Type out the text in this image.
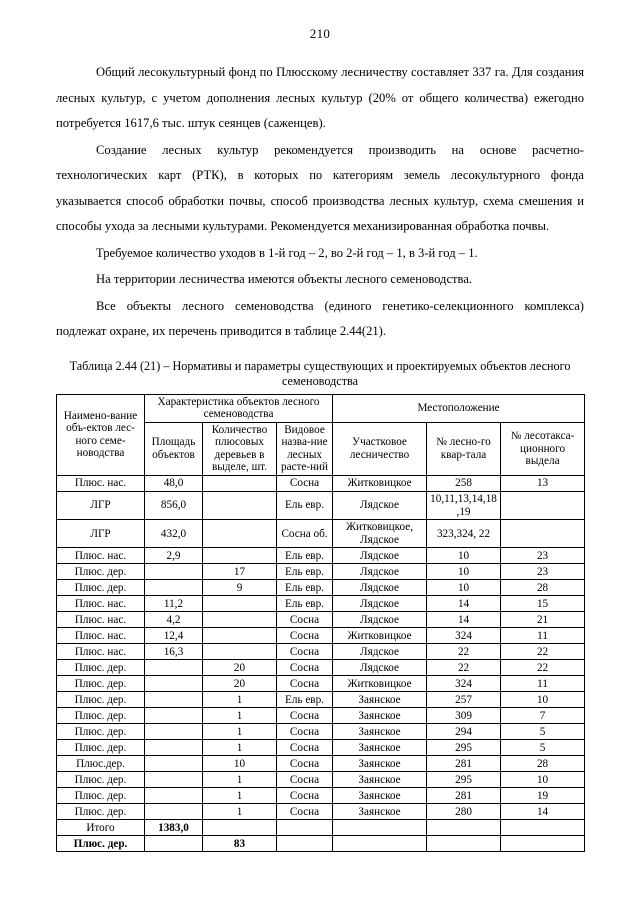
210

Общий лесокультурный фонд по Плюсскому лесничеству составляет 337 га. Для создания лесных культур, с учетом дополнения лесных культур (20% от общего количества) ежегодно потребуется 1617,6 тыс. штук сеянцев (саженцев).

Создание лесных культур рекомендуется производить на основе расчетно-технологических карт (РТК), в которых по категориям земель лесокультурного фонда указывается способ обработки почвы, способ производства лесных культур, схема смешения и способы ухода за лесными культурами. Рекомендуется механизированная обработка почвы.

Требуемое количество уходов в 1-й год – 2, во 2-й год – 1, в 3-й год – 1.

На территории лесничества имеются объекты лесного семеноводства.

Все объекты лесного семеноводства (единого генетико-селекционного комплекса) подлежат охране, их перечень приводится в таблице 2.44(21).

Таблица 2.44 (21) – Нормативы и параметры существующих и проектируемых объектов лесного семеноводства
Наимено-вание объ-ектов лес-ного семе-новодства	Характеристика объектов лесного семеноводства			Местоположение		
	Площадь объектов	Количество плюсовых деревьев в выделе, шт.	Видовое назва-ние лесных расте-ний	Участковое лесничество	№ лесно-го квар-тала	№ лесотакса-ционного выдела
Плюс. нас.	48,0		Сосна	Житковицкое	258	13
ЛГР	856,0		Ель евр.	Лядское	10,11,13,14,18,19	
ЛГР	432,0		Сосна об.	Житковицкое, Лядское	323,324, 22	
Плюс. нас.	2,9		Ель евр.	Лядское	10	23
Плюс. дер.		17	Ель евр.	Лядское	10	23
Плюс. дер.		9	Ель евр.	Лядское	10	28
Плюс. нас.	11,2		Ель евр.	Лядское	14	15
Плюс. нас.	4,2		Сосна	Лядское	14	21
Плюс. нас.	12,4		Сосна	Житковицкое	324	11
Плюс. нас.	16,3		Сосна	Лядское	22	22
Плюс. дер.		20	Сосна	Лядское	22	22
Плюс. дер.		20	Сосна	Житковицкое	324	11
Плюс. дер.		1	Ель евр.	Заянское	257	10
Плюс. дер.		1	Сосна	Заянское	309	7
Плюс. дер.		1	Сосна	Заянское	294	5
Плюс. дер.		1	Сосна	Заянское	295	5
Плюс.дер.		10	Сосна	Заянское	281	28
Плюс. дер.		1	Сосна	Заянское	295	10
Плюс. дер.		1	Сосна	Заянское	281	19
Плюс. дер.		1	Сосна	Заянское	280	14
Итого	1383,0					
Плюс. дер.		83				
